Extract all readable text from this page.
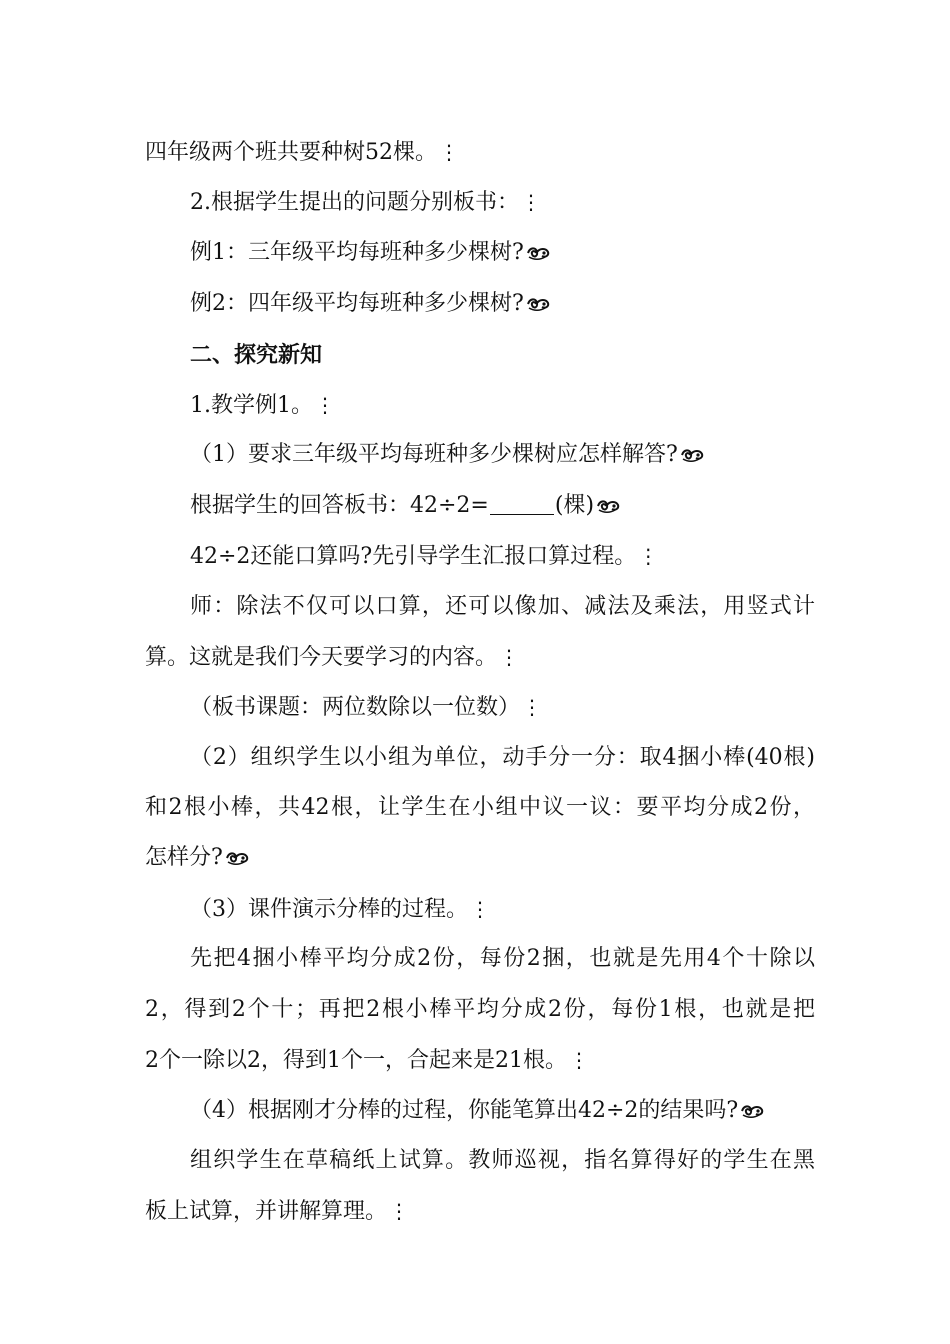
四年级两个班共要种树52棵。 ⋮
2.根据学生提出的问题分别板书： ⋮
例1：三年级平均每班种多少棵树?
例2：四年级平均每班种多少棵树?
二、探究新知
1.教学例1。 ⋮
（1）要求三年级平均每班种多少棵树应怎样解答?
根据学生的回答板书：42÷2=	(棵)
42÷2还能口算吗?先引导学生汇报口算过程。 ⋮
师：除法不仅可以口算，还可以像加、减法及乘法，用竖式计
算。这就是我们今天要学习的内容。 ⋮
（板书课题：两位数除以一位数） ⋮
（2）组织学生以小组为单位，动手分一分：取4捆小棒(40根)
和2根小棒，共42根，让学生在小组中议一议：要平均分成2份，
怎样分?
（3）课件演示分棒的过程。 ⋮
先把4捆小棒平均分成2份，每份2捆，也就是先用4个十除以
2，得到2个十；再把2根小棒平均分成2份，每份1根，也就是把
2个一除以2，得到1个一，合起来是21根。 ⋮
（4）根据刚才分棒的过程，你能笔算出42÷2的结果吗?
组织学生在草稿纸上试算。教师巡视，指名算得好的学生在黑
板上试算，并讲解算理。 ⋮
